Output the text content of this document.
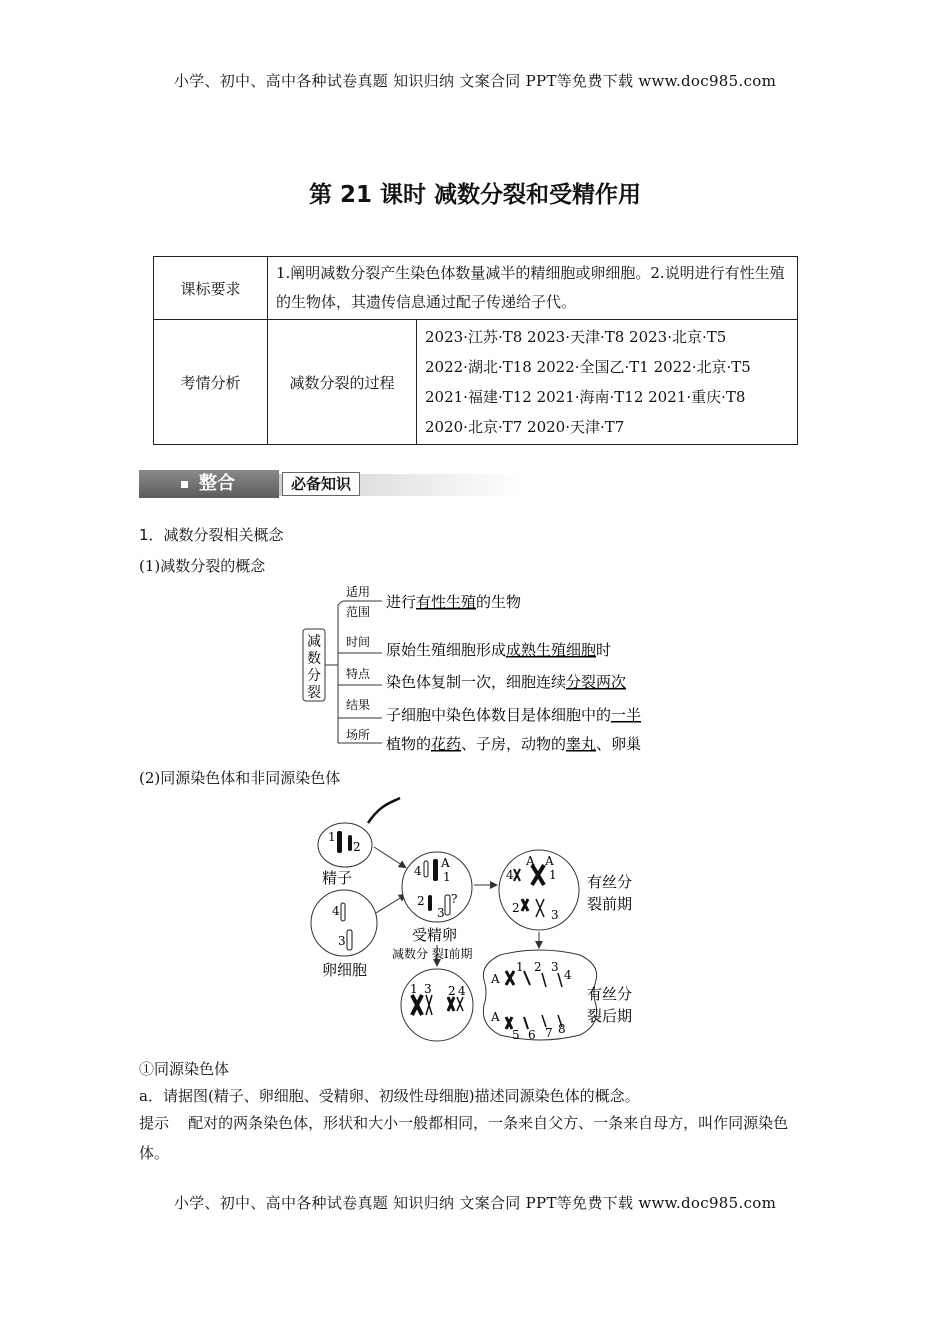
小学、初中、高中各种试卷真题 知识归纳 文案合同 PPT等免费下载 www.doc985.com
第 21 课时 减数分裂和受精作用
课标要求	1.阐明减数分裂产生染色体数量减半的精细胞或卵细胞。2.说明进行有性生殖的生物体，其遗传信息通过配子传递给子代。	
考情分析	减数分裂的过程	2023·江苏·T8 2023·天津·T8 2023·北京·T5
2022·湖北·T18 2022·全国乙·T1 2022·北京·T5
2021·福建·T12 2021·海南·T12 2021·重庆·T8
2020·北京·T7 2020·天津·T7
整合	必备知识
1．减数分裂相关概念
(1)减数分裂的概念
减
数
分
裂
适用
范围
时间
特点
结果
场所
进行有性生殖的生物
原始生殖细胞形成成熟生殖细胞时
染色体复制一次，细胞连续分裂两次
子细胞中染色体数目是体细胞中的一半
植物的花药、子房，动物的睾丸、卵巢
(2)同源染色体和非同源染色体
1
2
精子
4
3
卵细胞
A
4 1
2 ?
3
受精卵
减数分 裂Ⅰ前期
A A
4	1
2	3
有丝分
裂前期
A
1 2 3
4
A
5 6 7 8
有丝分
裂后期
1 3 2 4
①同源染色体
a．请据图(精子、卵细胞、受精卵、初级性母细胞)描述同源染色体的概念。
提示 配对的两条染色体，形状和大小一般都相同，一条来自父方、一条来自母方，叫作同源染色体。
小学、初中、高中各种试卷真题 知识归纳 文案合同 PPT等免费下载 www.doc985.com
